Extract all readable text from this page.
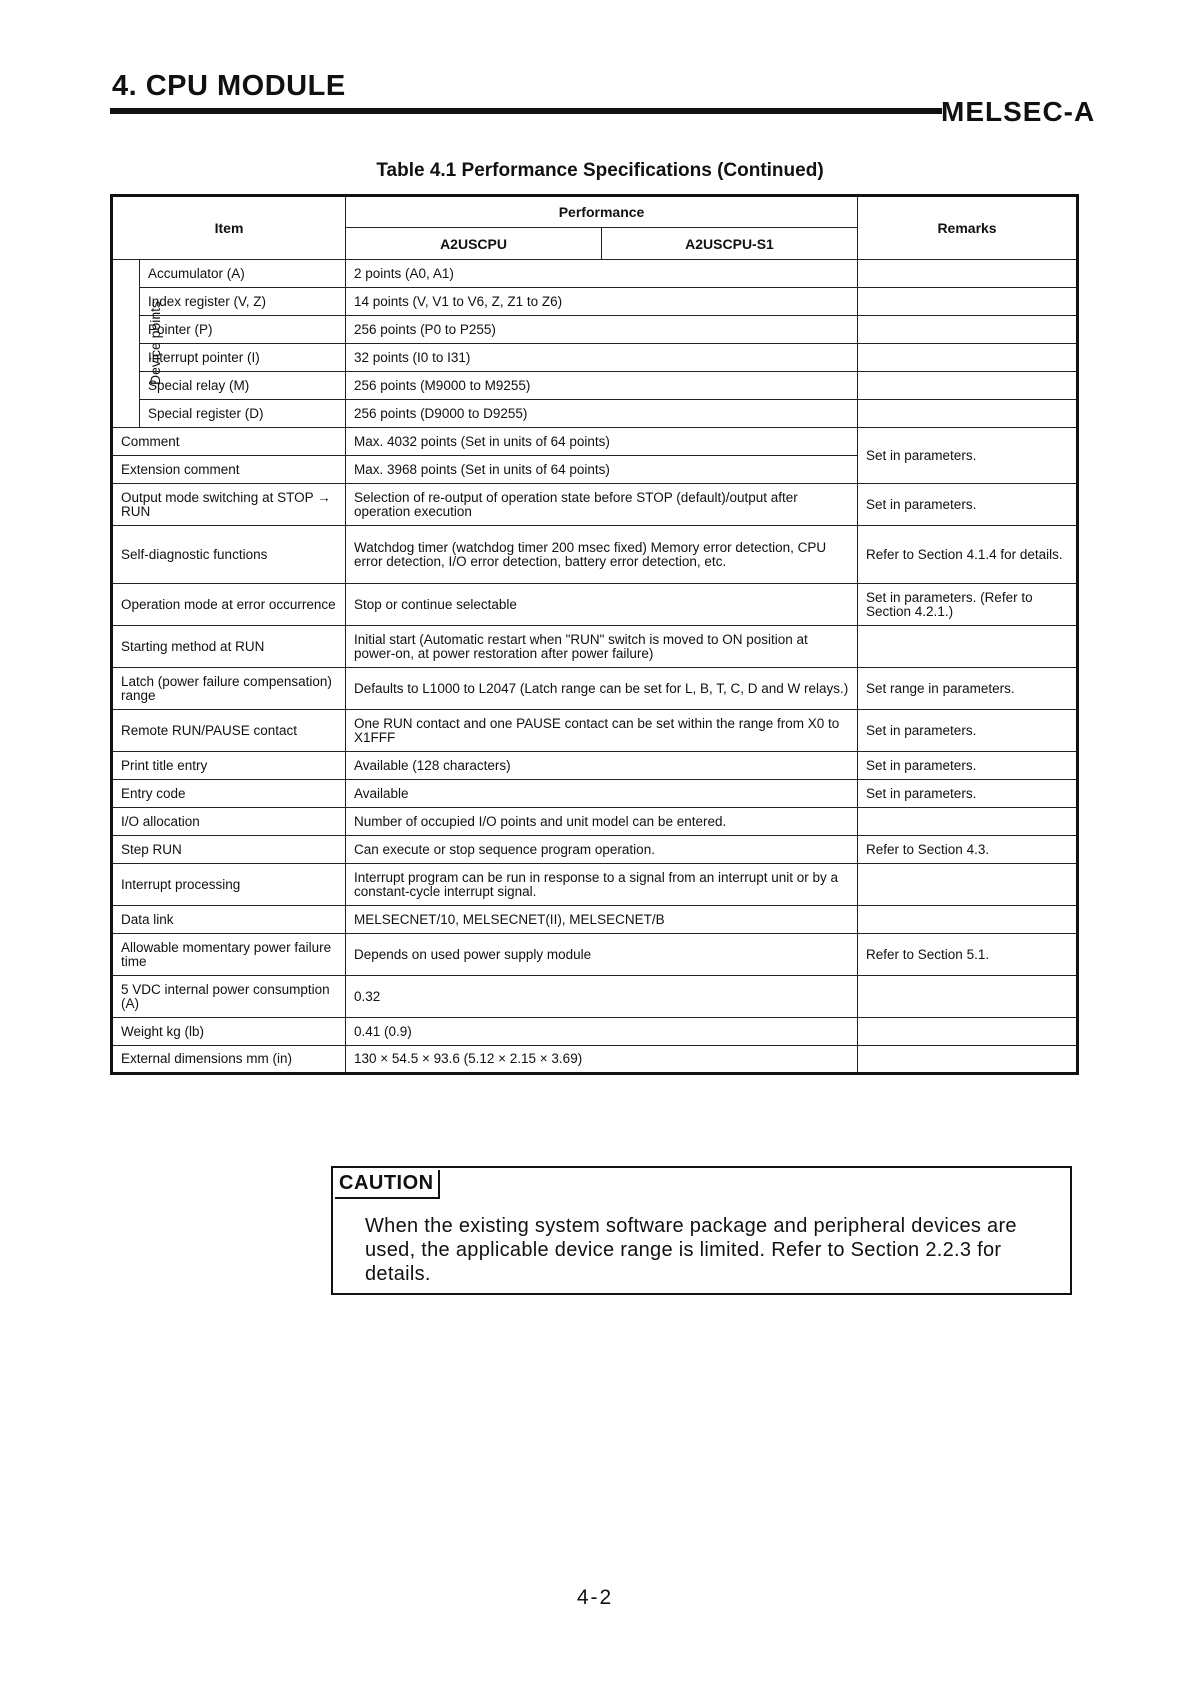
4. CPU MODULE
MELSEC-A
Table 4.1 Performance Specifications (Continued)
Item		Performance		Remarks
		A2USCPU	A2USCPU-S1	
Device points	Accumulator (A)	2 points (A0, A1)		
	Index register (V, Z)	14 points (V, V1 to V6, Z, Z1 to Z6)		
	Pointer (P)	256 points (P0 to P255)		
	Interrupt pointer (I)	32 points (I0 to I31)		
	Special relay (M)	256 points (M9000 to M9255)		
	Special register (D)	256 points (D9000 to D9255)		
Comment		Max. 4032 points (Set in units of 64 points)		Set in parameters.
Extension comment		Max. 3968 points (Set in units of 64 points)		
Output mode switching at STOP → RUN		Selection of re-output of operation state before STOP (default)/output after operation execution		Set in parameters.
Self-diagnostic functions		Watchdog timer (watchdog timer 200 msec fixed) Memory error detection, CPU error detection, I/O error detection, battery error detection, etc.		Refer to Section 4.1.4 for details.
Operation mode at error occurrence		Stop or continue selectable		Set in parameters. (Refer to Section 4.2.1.)
Starting method at RUN		Initial start (Automatic restart when "RUN" switch is moved to ON position at power-on, at power restoration after power failure)		
Latch (power failure compensation) range		Defaults to L1000 to L2047 (Latch range can be set for L, B, T, C, D and W relays.)		Set range in parameters.
Remote RUN/PAUSE contact		One RUN contact and one PAUSE contact can be set within the range from X0 to X1FFF		Set in parameters.
Print title entry		Available (128 characters)		Set in parameters.
Entry code		Available		Set in parameters.
I/O allocation		Number of occupied I/O points and unit model can be entered.		
Step RUN		Can execute or stop sequence program operation.		Refer to Section 4.3.
Interrupt processing		Interrupt program can be run in response to a signal from an interrupt unit or by a constant-cycle interrupt signal.		
Data link		MELSECNET/10, MELSECNET(II), MELSECNET/B		
Allowable momentary power failure time		Depends on used power supply module		Refer to Section 5.1.
5 VDC internal power consumption (A)		0.32		
Weight kg (lb)		0.41 (0.9)		
External dimensions mm (in)		130 × 54.5 × 93.6 (5.12 × 2.15 × 3.69)		
CAUTION
When the existing system software package and peripheral devices are used, the applicable device range is limited. Refer to Section 2.2.3 for details.
4-2
